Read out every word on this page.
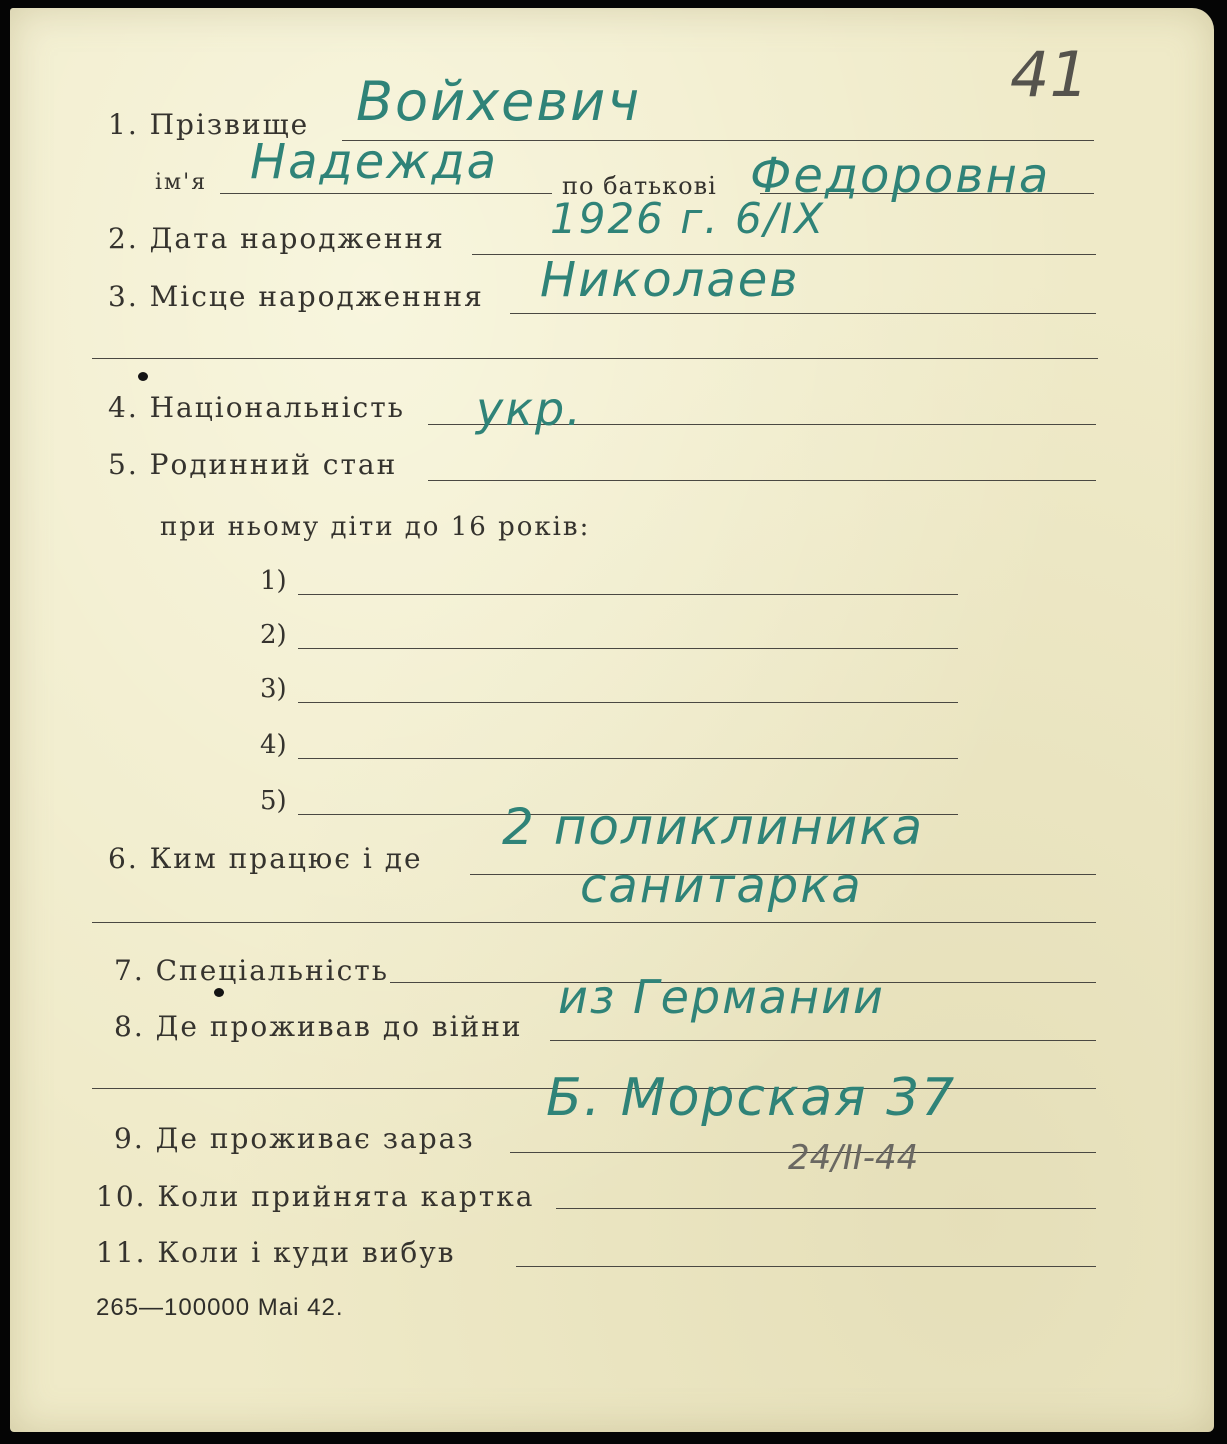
41
1. Прізвище Войхевич
ім'я Надежда	по батькові Федоровна
2. Дата народження	1926 г. 6/IX
3. Місце народженння Николаев
4. Національність укр.
5. Родинний стан
при ньому діти до 16 років:
1)
2)
3)
4)
5)
6. Ким працює і де
2 поликлиника
санитарка
7. Спеціальність
8. Де проживав до війни
из Германии
9. Де проживає зараз
Б. Морская 37
10. Коли прийнята картка
24/II-44
11. Коли і куди вибув
265—100000 Mai 42.
